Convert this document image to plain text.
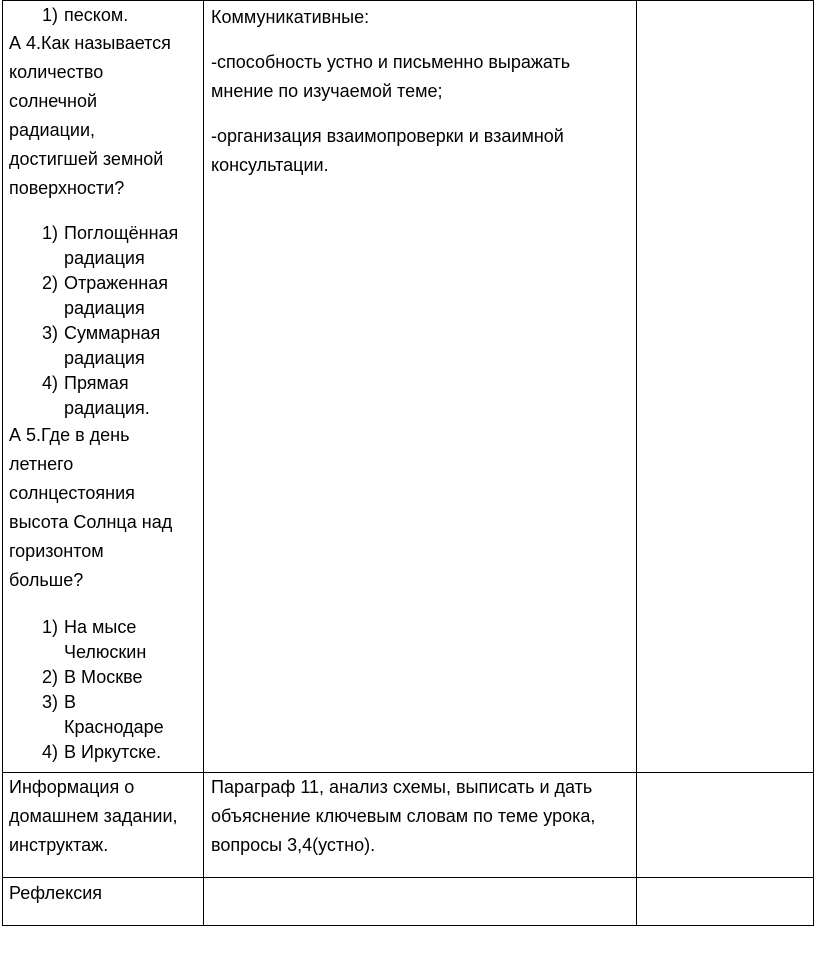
1) песком.

А 4.Как называется

количество

солнечной

радиации,

достигшей земной

поверхности?

1) Поглощённая
радиация
2) Отраженная
радиация
3) Суммарная
радиация
4) Прямая
радиация.

А 5.Где в день

летнего

солнцестояния

высота Солнца над

горизонтом

больше?

1) На мысе
Челюскин
2) В Москве
3) В
Краснодаре
4) В Иркутске.

Коммуникативные:

-способность устно и письменно выражать

мнение по изучаемой теме;

-организация взаимопроверки и взаимной

консультации.

Информация о

домашнем задании,

инструктаж.

Параграф 11, анализ схемы, выписать и дать

объяснение ключевым словам по теме урока,

вопросы 3,4(устно).

Рефлексия
